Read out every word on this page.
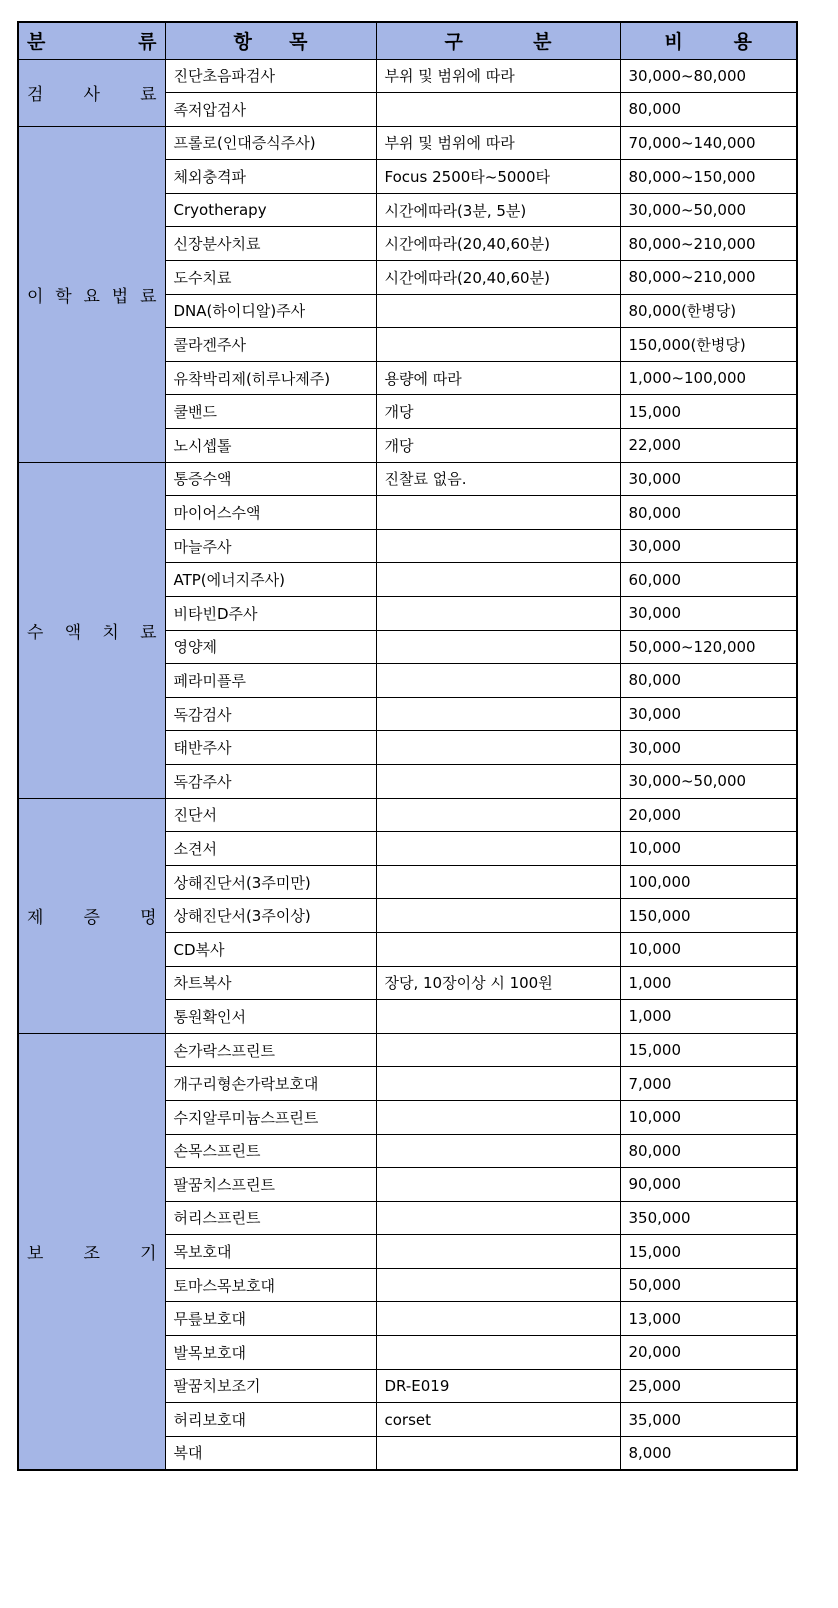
분 류	항 목	구 분	비 용

검 사 료	진단초음파검사	부위 및 범위에 따라	30,000~80,000
	족저압검사		80,000

이 학 요 법 료	프롤로(인대증식주사)	부위 및 범위에 따라	70,000~140,000
	체외충격파	Focus 2500타~5000타	80,000~150,000
	Cryotherapy	시간에따라(3분, 5분)	30,000~50,000
	신장분사치료	시간에따라(20,40,60분)	80,000~210,000
	도수치료	시간에따라(20,40,60분)	80,000~210,000
	DNA(하이디알)주사		80,000(한병당)
	콜라겐주사		150,000(한병당)
	유착박리제(히루나제주)	용량에 따라	1,000~100,000
	쿨밴드	개당	15,000
	노시셉톨	개당	22,000

수 액 치 료	통증수액	진찰료 없음.	30,000
	마이어스수액		80,000
	마늘주사		30,000
	ATP(에너지주사)		60,000
	비타빈D주사		30,000
	영양제		50,000~120,000
	페라미플루		80,000
	독감검사		30,000
	태반주사		30,000
	독감주사		30,000~50,000

제 증 명	진단서		20,000
	소견서		10,000
	상해진단서(3주미만)		100,000
	상해진단서(3주이상)		150,000
	CD복사		10,000
	차트복사	장당, 10장이상 시 100원	1,000
	통원확인서		1,000

보 조 기	손가락스프린트		15,000
	개구리형손가락보호대		7,000
	수지알루미늄스프린트		10,000
	손목스프린트		80,000
	팔꿈치스프린트		90,000
	허리스프린트		350,000
	목보호대		15,000
	토마스목보호대		50,000
	무릎보호대		13,000
	발목보호대		20,000
	팔꿈치보조기	DR-E019	25,000
	허리보호대	corset	35,000
	복대		8,000
